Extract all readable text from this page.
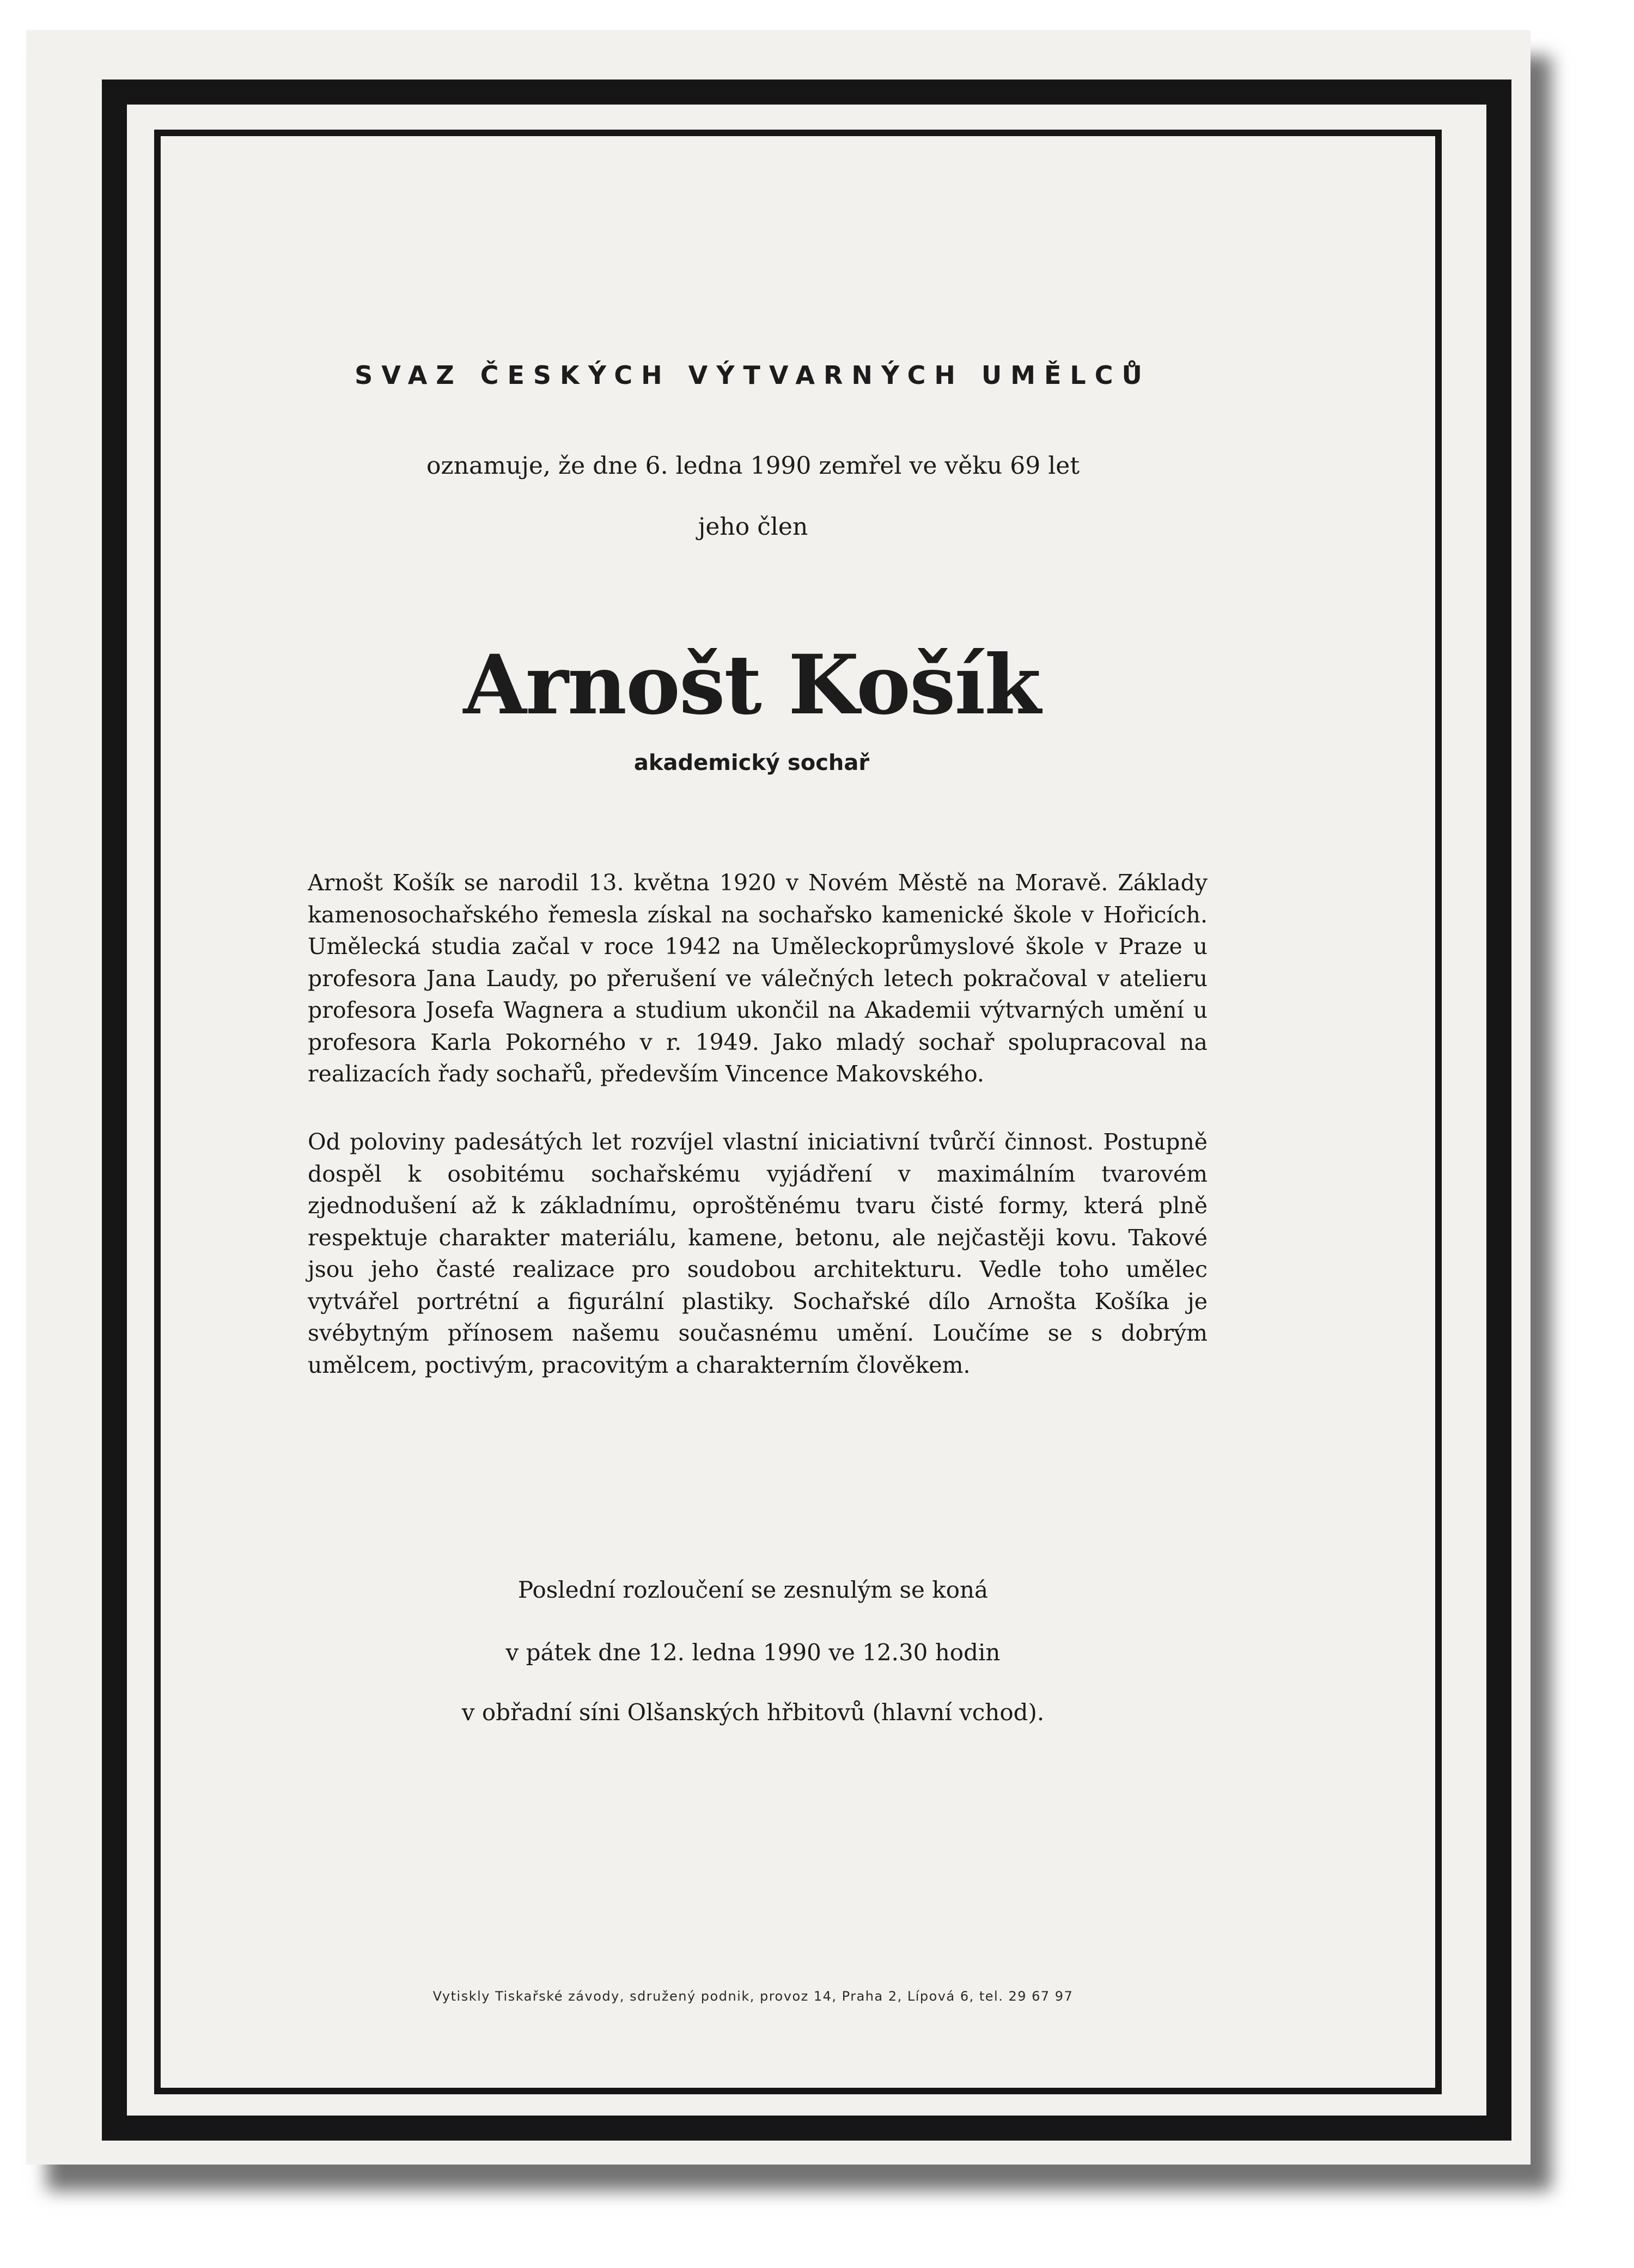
SVAZ ČESKÝCH VÝTVARNÝCH UMĚLCŮ

oznamuje, že dne 6. ledna 1990 zemřel ve věku 69 let

jeho člen

Arnošt Košík

akademický sochař

Arnošt Košík se narodil 13. května 1920 v Novém Městě na Moravě. Základy kamenosochařského řemesla získal na sochařsko kamenické škole v Hořicích. Umělecká studia začal v roce 1942 na Uměleckoprůmyslové škole v Praze u profesora Jana Laudy, po přerušení ve válečných letech pokračoval v atelieru profesora Josefa Wagnera a studium ukončil na Akademii výtvarných umění u profesora Karla Pokorného v r. 1949. Jako mladý sochař spolupracoval na realizacích řady sochařů, především Vincence Makovského.

Od poloviny padesátých let rozvíjel vlastní iniciativní tvůrčí činnost. Postupně dospěl k osobitému sochařskému vyjádření v maximálním tvarovém zjednodušení až k základnímu, oproštěnému tvaru čisté formy, která plně respektuje charakter materiálu, kamene, betonu, ale nejčastěji kovu. Takové jsou jeho časté realizace pro soudobou architekturu. Vedle toho umělec vytvářel portrétní a figurální plastiky. Sochařské dílo Arnošta Košíka je svébytným přínosem našemu současnému umění. Loučíme se s dobrým umělcem, poctivým, pracovitým a charakterním člověkem.

Poslední rozloučení se zesnulým se koná

v pátek dne 12. ledna 1990 ve 12.30 hodin

v obřadní síni Olšanských hřbitovů (hlavní vchod).

Vytiskly Tiskařské závody, sdružený podnik, provoz 14, Praha 2, Lípová 6, tel. 29 67 97
